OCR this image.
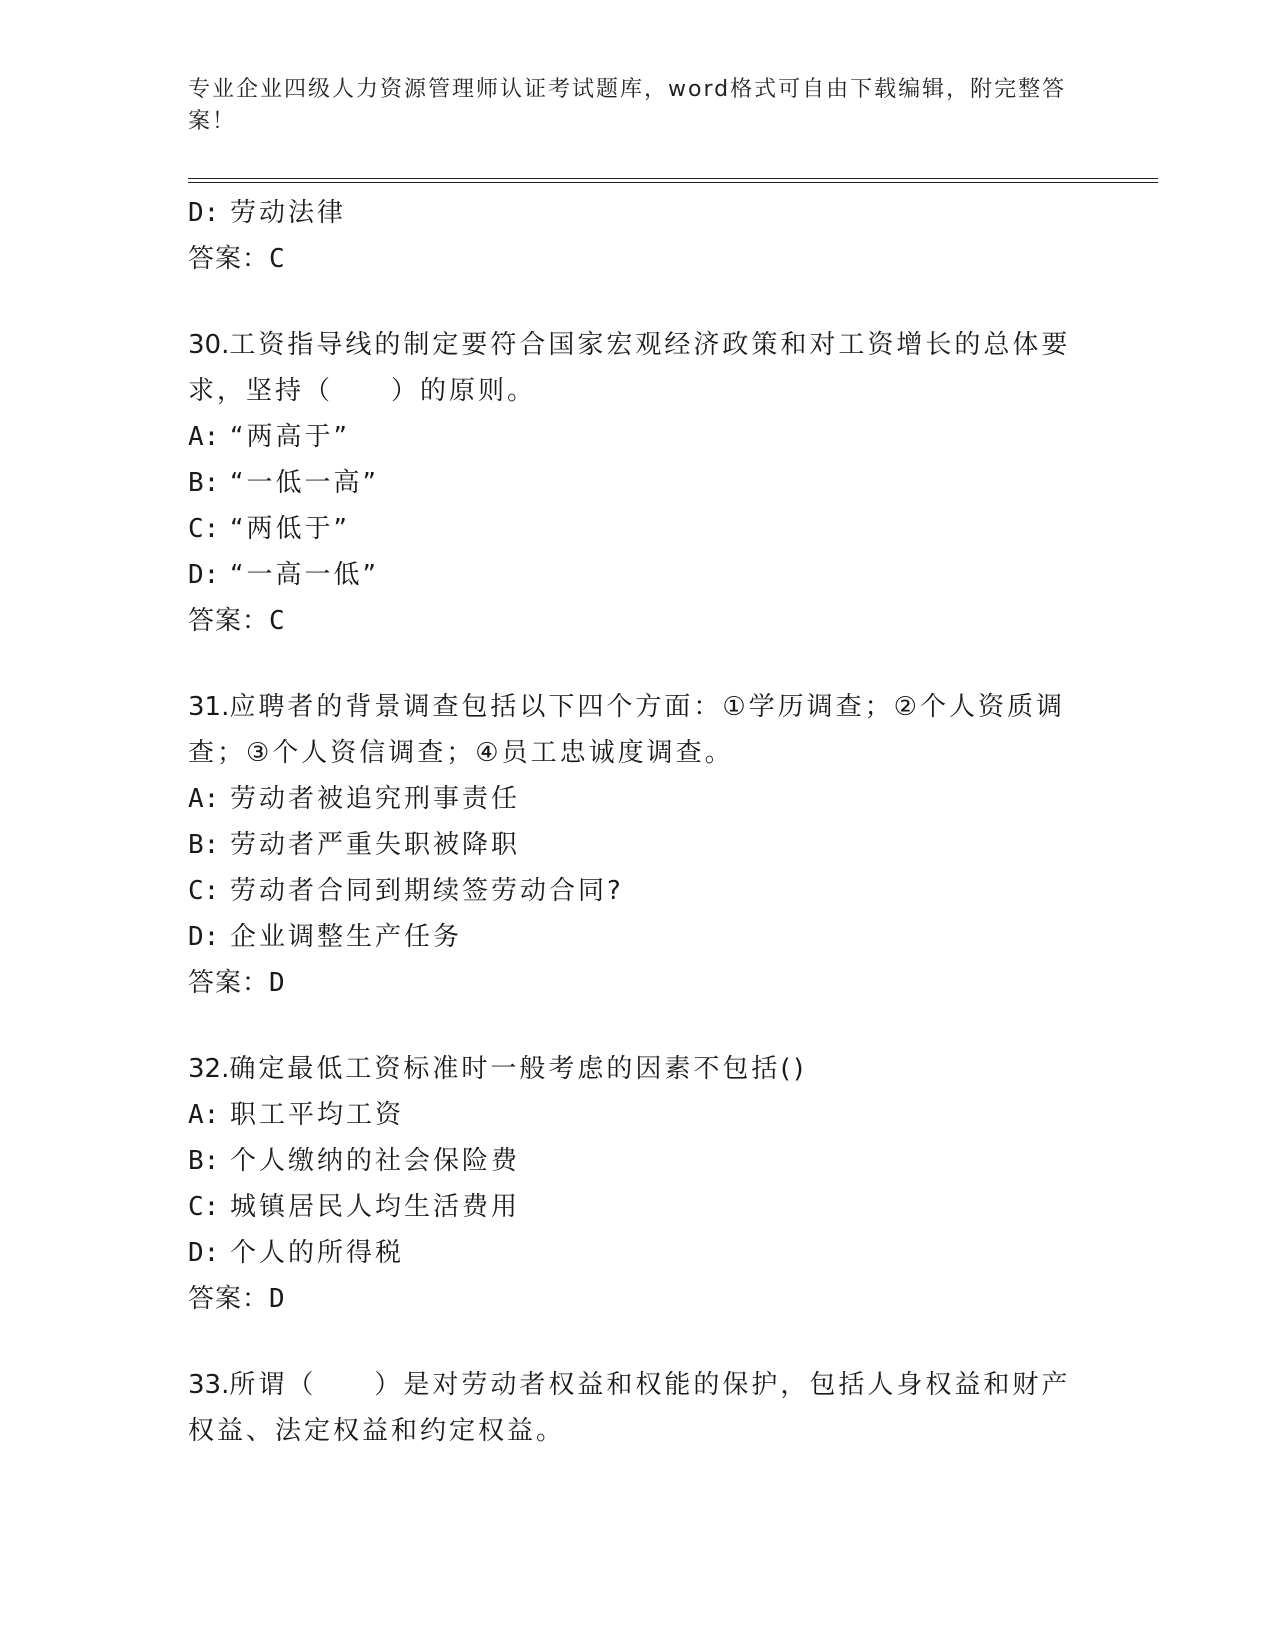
专业企业四级人力资源管理师认证考试题库，word格式可自由下载编辑，附完整答案！
D: 劳动法律
答案：C
30.工资指导线的制定要符合国家宏观经济政策和对工资增长的总体要
求，坚持（　　）的原则。
A: “两高于”
B: “一低一高”
C: “两低于”
D: “一高一低”
答案：C
31.应聘者的背景调查包括以下四个方面：①学历调查；②个人资质调
查；③个人资信调查；④员工忠诚度调查。
A: 劳动者被追究刑事责任
B: 劳动者严重失职被降职
C: 劳动者合同到期续签劳动合同?
D: 企业调整生产任务
答案：D
32.确定最低工资标准时一般考虑的因素不包括()
A: 职工平均工资
B: 个人缴纳的社会保险费
C: 城镇居民人均生活费用
D: 个人的所得税
答案：D
33.所谓（　　）是对劳动者权益和权能的保护，包括人身权益和财产
权益、法定权益和约定权益。
